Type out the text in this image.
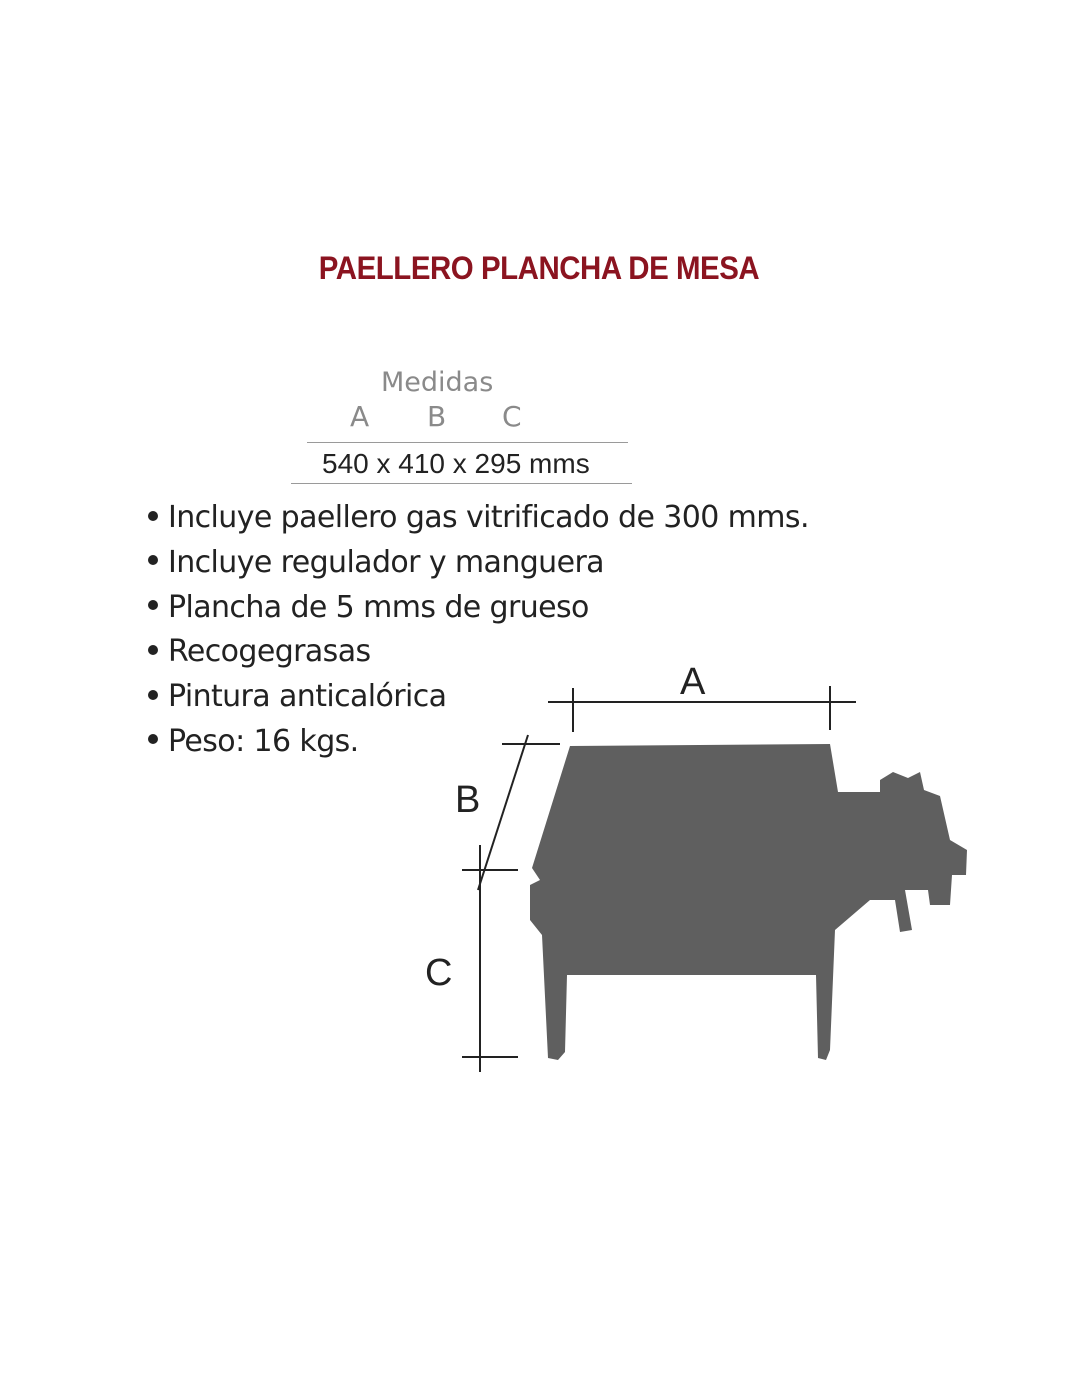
PAELLERO PLANCHA DE MESA
Medidas
A B C
540 x 410 x 295 mms
Incluye paellero gas vitrificado de 300 mms.
Incluye regulador y manguera
Plancha de 5 mms de grueso
Recogegrasas
Pintura anticalórica
Peso: 16 kgs.
A
B
C
